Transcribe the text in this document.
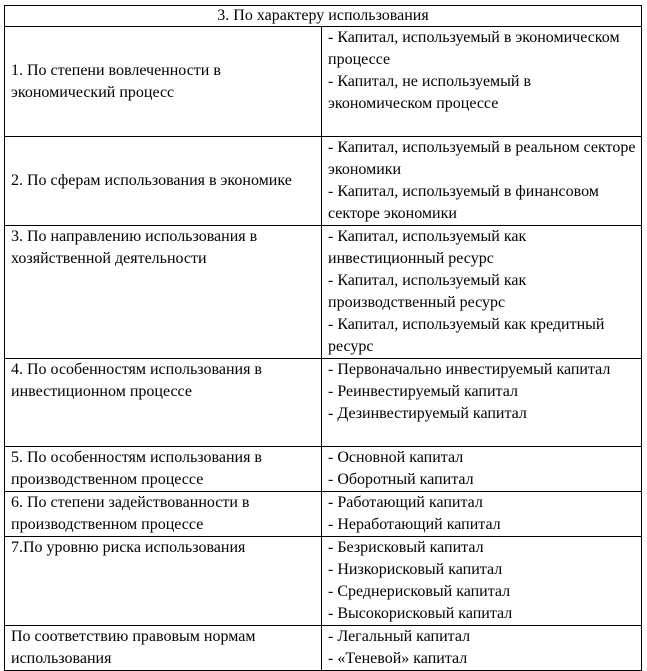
3. По характеру использования	
1. По степени вовлеченности в экономический процесс	- Капитал, используемый в экономическом процессе
- Капитал, не используемый в экономическом процессе

2. По сферам использования в экономике	- Капитал, используемый в реальном секторе экономики
- Капитал, используемый в финансовом секторе экономики

3. По направлению использования в хозяйственной деятельности	- Капитал, используемый как инвестиционный ресурс
- Капитал, используемый как производственный ресурс
- Капитал, используемый как кредитный ресурс

4. По особенностям использования в инвестиционном процессе	- Первоначально инвестируемый капитал
- Реинвестируемый капитал
- Дезинвестируемый капитал

5. По особенностям использования в производственном процессе	- Основной капитал
- Оборотный капитал

6. По степени задействованности в производственном процессе	- Работающий капитал
- Неработающий капитал

7.По уровню риска использования	- Безрисковый капитал
- Низкорисковый капитал
- Среднерисковый капитал
- Высокорисковый капитал

По соответствию правовым нормам использования	- Легальный капитал
- «Теневой» капитал
